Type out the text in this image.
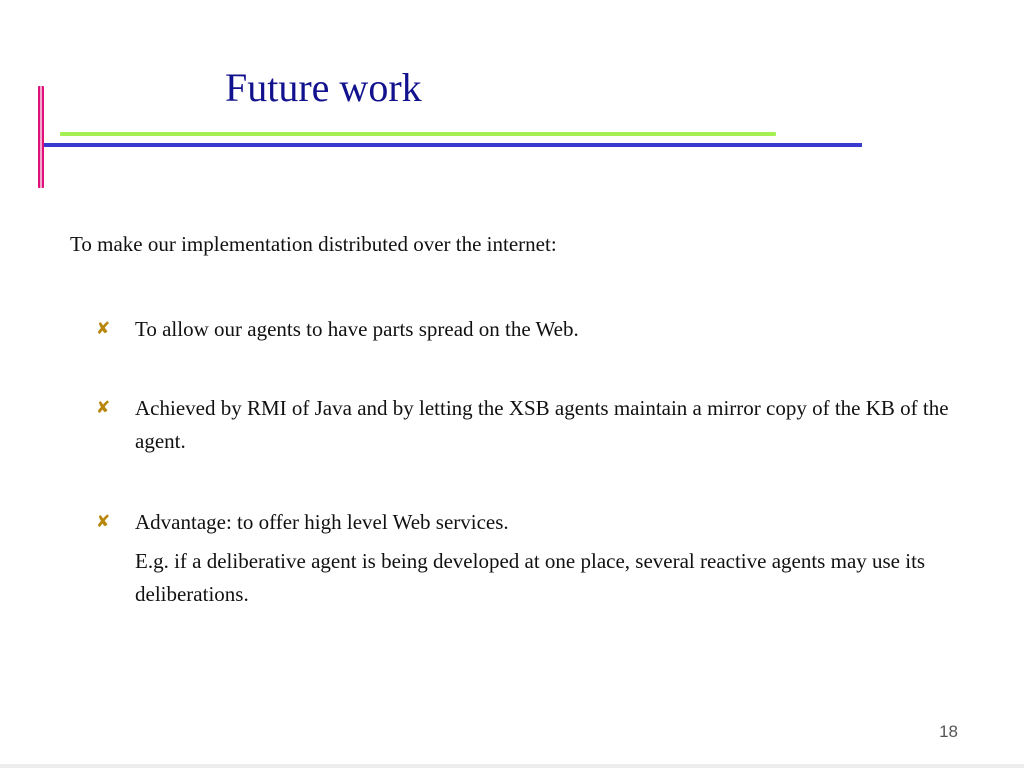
Future work
To make our implementation distributed over the internet:
✘ To allow our agents to have parts spread on the Web.
✘ Achieved by RMI of Java and by letting the XSB agents maintain a mirror copy of the KB of the agent.
✘ Advantage: to offer high level Web services.
E.g. if a deliberative agent is being developed at one place, several reactive agents may use its deliberations.
18
